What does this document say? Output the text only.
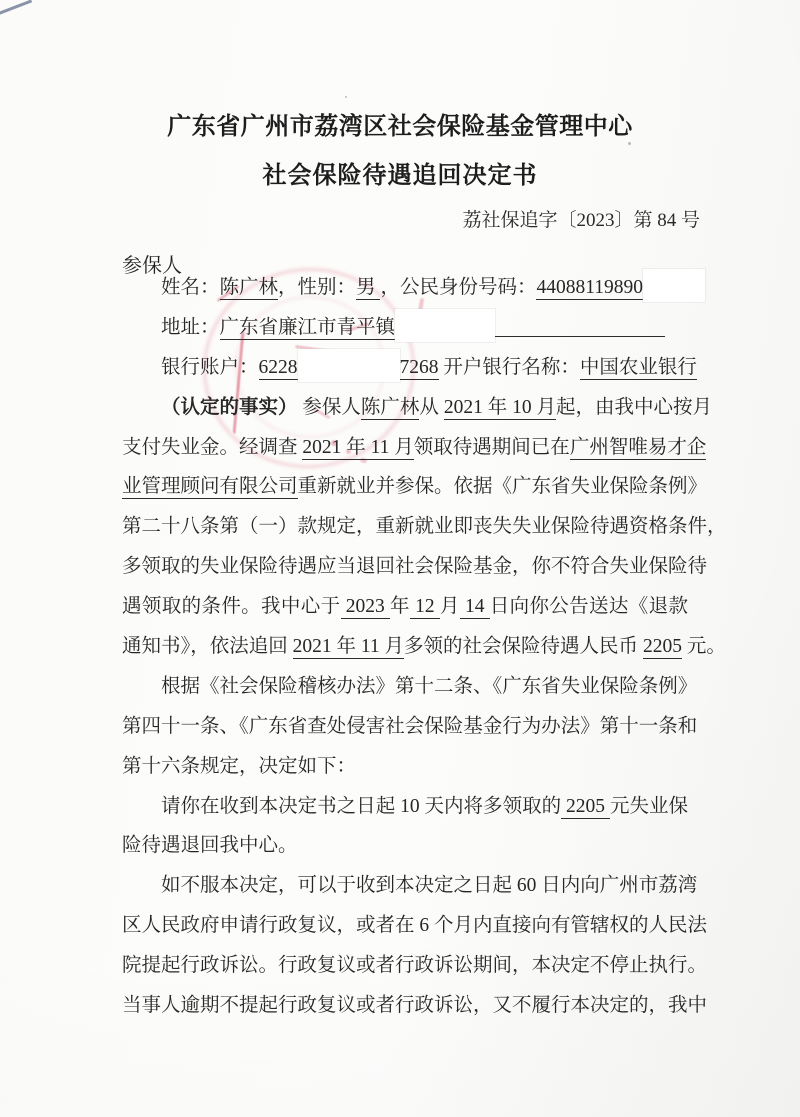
广东省广州市荔湾区社会保险基金管理中心
社会保险待遇追回决定书
荔社保追字〔2023〕第 84 号
参保人
姓名：陈广林，性别：男 ，公民身份号码：44088119890
地址：广东省廉江市青平镇
银行账户：6228	7268 开户银行名称：中国农业银行
（认定的事实） 参保人陈广林从 2021 年 10 月起，由我中心按月
支付失业金。经调查 2021 年 11 月领取待遇期间已在广州智唯易才企
业管理顾问有限公司重新就业并参保。依据《广东省失业保险条例》
第二十八条第（一）款规定，重新就业即丧失失业保险待遇资格条件，
多领取的失业保险待遇应当退回社会保险基金，你不符合失业保险待
遇领取的条件。我中心于 2023 年 12 月 14 日向你公告送达《退款
通知书》，依法追回 2021 年 11 月多领的社会保险待遇人民币 2205 元。
根据《社会保险稽核办法》第十二条、《广东省失业保险条例》
第四十一条、《广东省查处侵害社会保险基金行为办法》第十一条和
第十六条规定，决定如下：
请你在收到本决定书之日起 10 天内将多领取的 2205 元失业保
险待遇退回我中心。
如不服本决定，可以于收到本决定之日起 60 日内向广州市荔湾
区人民政府申请行政复议，或者在 6 个月内直接向有管辖权的人民法
院提起行政诉讼。行政复议或者行政诉讼期间，本决定不停止执行。
当事人逾期不提起行政复议或者行政诉讼，又不履行本决定的，我中
